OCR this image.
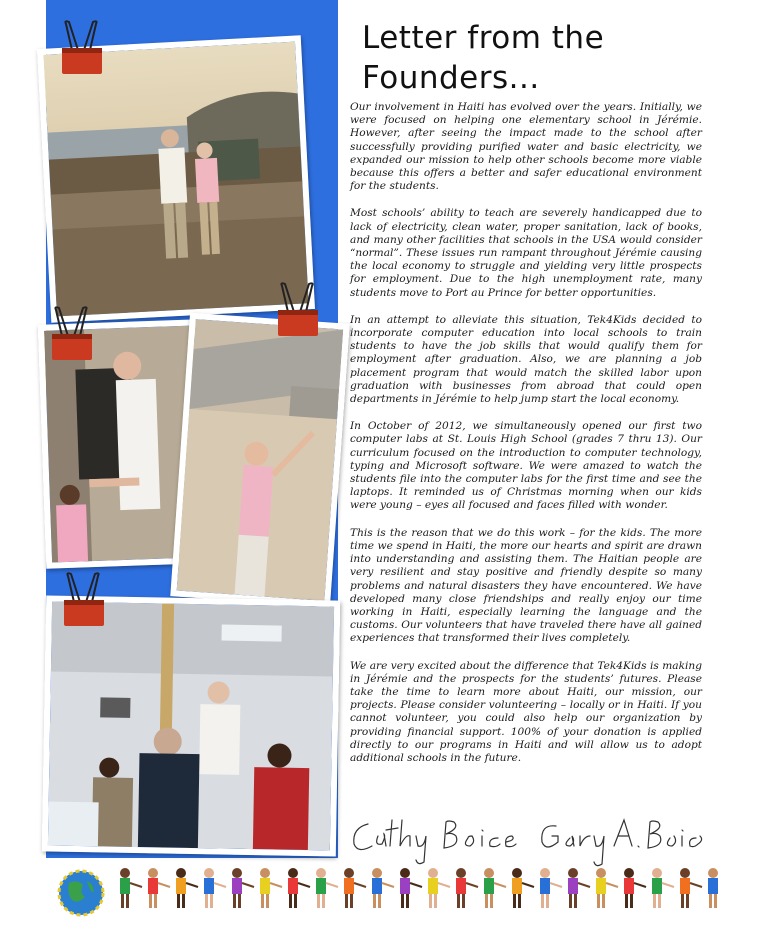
Letter from the
Founders...

Our involvement in Haiti has evolved over the years. Initially, we were focused on helping one elementary school in Jérémie. However, after seeing the impact made to the school after successfully providing purified water and basic electricity, we expanded our mission to help other schools become more viable because this offers a better and safer educational environment for the students.

Most schools’ ability to teach are severely handicapped due to lack of electricity, clean water, proper sanitation, lack of books, and many other facilities that schools in the USA would consider “normal”. These issues run rampant throughout Jérémie causing the local economy to struggle and yielding very little prospects for employment. Due to the high unemployment rate, many students move to Port au Prince for better opportunities.

In an attempt to alleviate this situation, Tek4Kids decided to incorporate computer education into local schools to train students to have the job skills that would qualify them for employment after graduation. Also, we are planning a job placement program that would match the skilled labor upon graduation with businesses from abroad that could open departments in Jérémie to help jump start the local economy.

In October of 2012, we simultaneously opened our first two computer labs at St. Louis High School (grades 7 thru 13). Our curriculum focused on the introduction to computer technology, typing and Microsoft software. We were amazed to watch the students file into the computer labs for the first time and see the laptops. It reminded us of Christmas morning when our kids were young – eyes all focused and faces filled with wonder.

This is the reason that we do this work – for the kids. The more time we spend in Haiti, the more our hearts and spirit are drawn into understanding and assisting them. The Haitian people are very resilient and stay positive and friendly despite so many problems and natural disasters they have encountered. We have developed many close friendships and really enjoy our time working in Haiti, especially learning the language and the customs. Our volunteers that have traveled there have all gained experiences that transformed their lives completely.

We are very excited about the difference that Tek4Kids is making in Jérémie and the prospects for the students’ futures. Please take the time to learn more about Haiti, our mission, our projects. Please consider volunteering – locally or in Haiti. If you cannot volunteer, you could also help our organization by providing financial support. 100% of your donation is applied directly to our programs in Haiti and will allow us to adopt additional schools in the future.
